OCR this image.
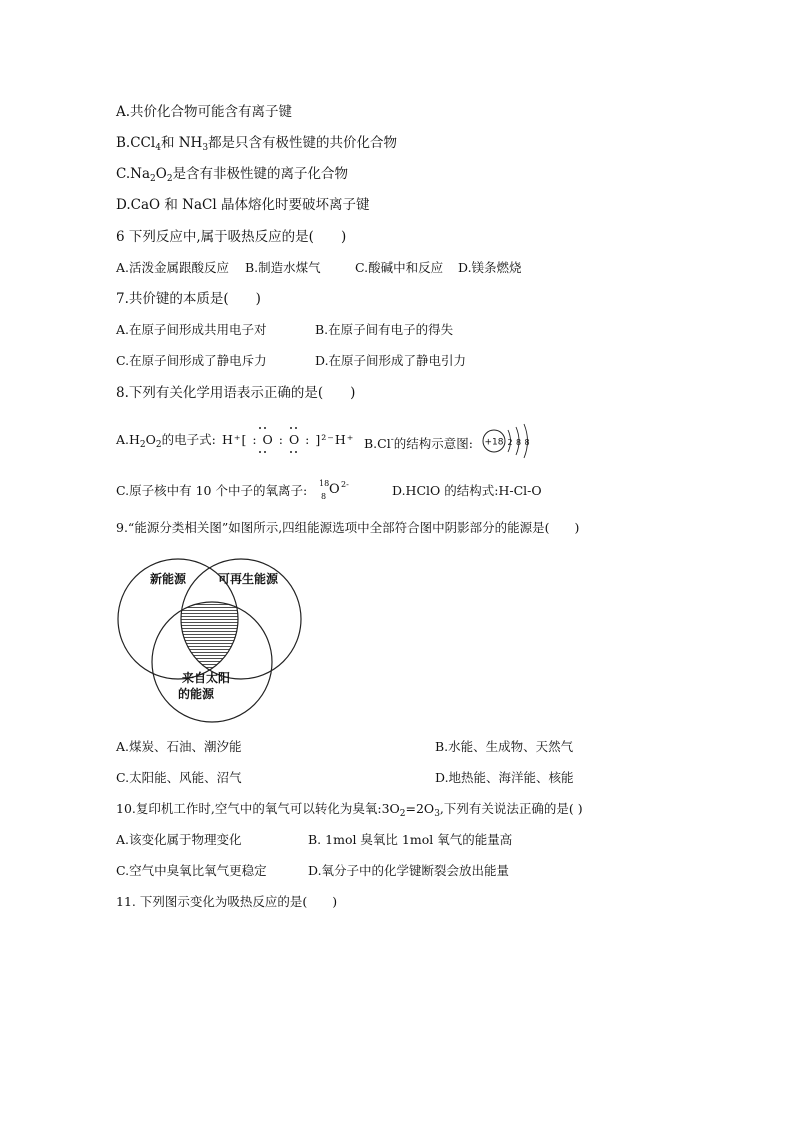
A.共价化合物可能含有离子键
B.CCl$_4$和 $NH_3$都是只含有极性键的共价化合物
$C.Na_2O_2$是含有非极性键的离子化合物
D.CaO 和 NaCl 晶体熔化时要破坏离子键
6 下列反应中,属于吸热反应的是(　　)
A.活泼金属跟酸反应 B.制造水煤气	C.酸碱中和反应 D.镁条燃烧
7.共价键的本质是(　　)
A.在原子间形成共用电子对	B.在原子间有电子的得失
C.在原子间形成了静电斥力	D.在原子间形成了静电引力
8.下列有关化学用语表示正确的是(　　)
$A.H_2O_2$的电子式: H⁺[ : O : O : ]²⁻H⁺ B.Cl-的结构示意图: +18 2 8 8
C.原子核中有 10 个中子的氧离子: 18
8 O 2-	D.HClO 的结构式:H-Cl-O
9.“能源分类相关图”如图所示,四组能源选项中全部符合图中阴影部分的能源是(　　)
新能源	可再生能源
来自太阳
的能源
A.煤炭、石油、潮汐能	B.水能、生成物、天然气
C.太阳能、风能、沼气	D.地热能、海洋能、核能
10.复印机工作时,空气中的氧气可以转化为臭氧$:3O_2=2O_3$,下列有关说法正确的是( )
A.该变化属于物理变化	B. 1mol 臭氧比 1mol 氧气的能量高
C.空气中臭氧比氧气更稳定	D.氧分子中的化学键断裂会放出能量
11. 下列图示变化为吸热反应的是(　　)
